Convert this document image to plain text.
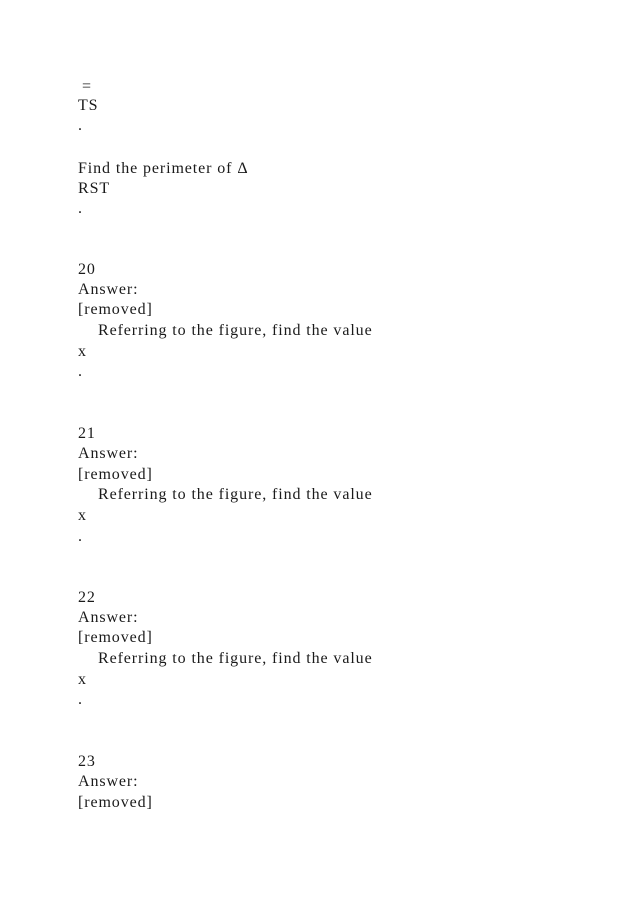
=
TS
.
Find the perimeter of Δ
RST
.
20
Answer:
[removed]
Referring to the figure, find the value
x
.
21
Answer:
[removed]
Referring to the figure, find the value
x
.
22
Answer:
[removed]
Referring to the figure, find the value
x
.
23
Answer:
[removed]
